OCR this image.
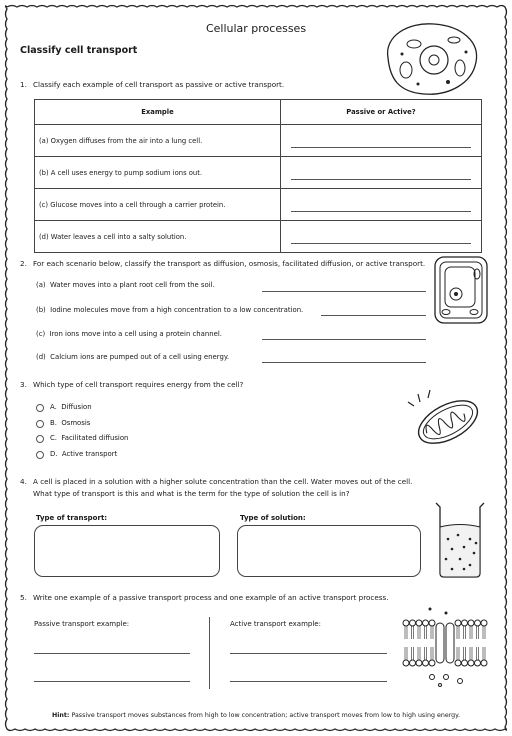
Cellular processes
Classify cell transport
1. Classify each example of cell transport as passive or active transport.
Example	Passive or Active?
(a) Oxygen diffuses from the air into a lung cell.	

(b) A cell uses energy to pump sodium ions out.	

(c) Glucose moves into a cell through a carrier protein.	

(d) Water leaves a cell into a salty solution.	
2. For each scenario below, classify the transport as diffusion, osmosis, facilitated diffusion, or active transport.
(a) Water moves into a plant root cell from the soil.
(b) Iodine molecules move from a high concentration to a low concentration.
(c) Iron ions move into a cell using a protein channel.
(d) Calcium ions are pumped out of a cell using energy.
3. Which type of cell transport requires energy from the cell?
A. Diffusion
B. Osmosis
C. Facilitated diffusion
D. Active transport
4. A cell is placed in a solution with a higher solute concentration than the cell. Water moves out of the cell.
What type of transport is this and what is the term for the type of solution the cell is in?
Type of transport:	Type of solution:
5. Write one example of a passive transport process and one example of an active transport process.
Passive transport example:	Active transport example:
Hint: Passive transport moves substances from high to low concentration; active transport moves from low to high using energy.
